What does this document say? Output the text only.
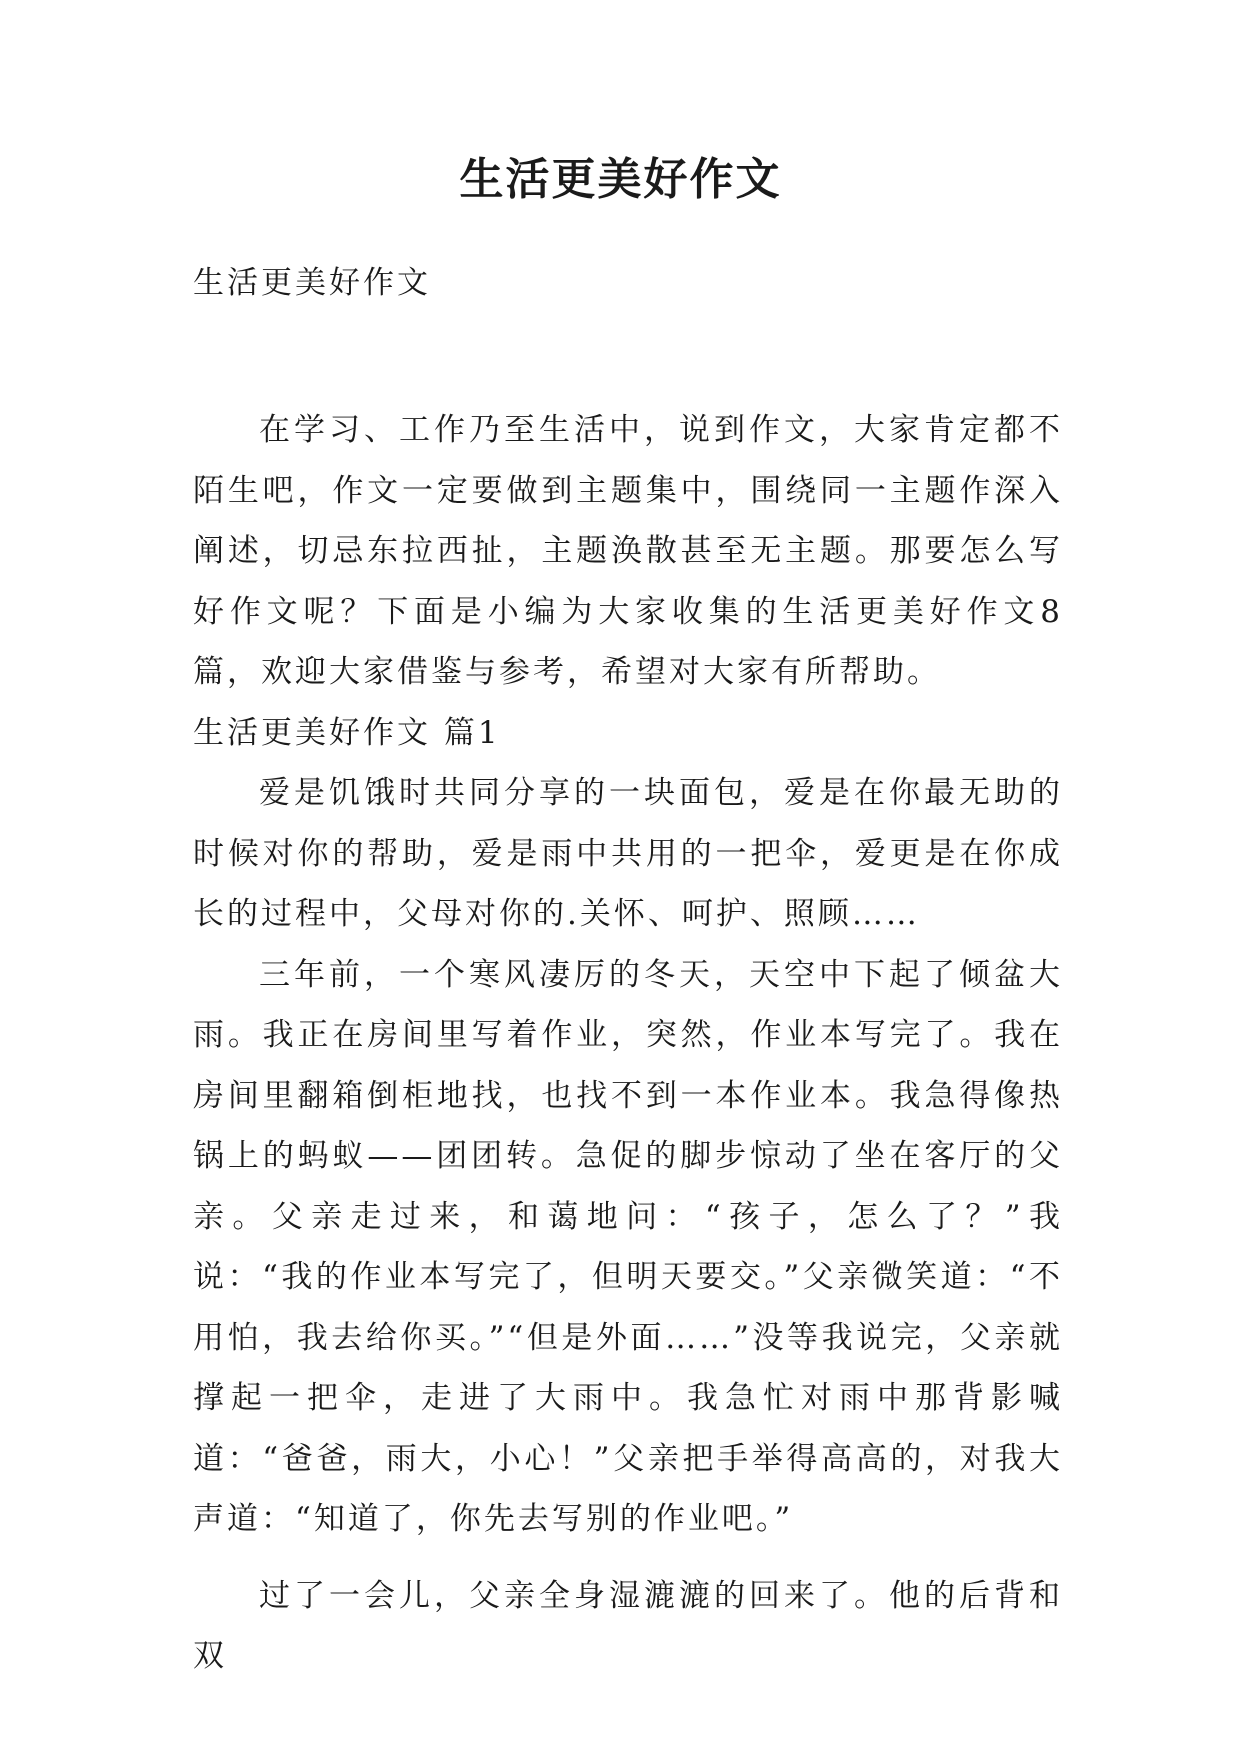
生活更美好作文

生活更美好作文

在学习、工作乃至生活中，说到作文，大家肯定都不陌生吧，作文一定要做到主题集中，围绕同一主题作深入阐述，切忌东拉西扯，主题涣散甚至无主题。那要怎么写好作文呢？下面是小编为大家收集的生活更美好作文8篇，欢迎大家借鉴与参考，希望对大家有所帮助。

生活更美好作文 篇1

爱是饥饿时共同分享的一块面包，爱是在你最无助的时候对你的帮助，爱是雨中共用的一把伞，爱更是在你成长的过程中，父母对你的.关怀、呵护、照顾……

三年前，一个寒风凄厉的冬天，天空中下起了倾盆大雨。我正在房间里写着作业，突然，作业本写完了。我在房间里翻箱倒柜地找，也找不到一本作业本。我急得像热锅上的蚂蚁——团团转。急促的脚步惊动了坐在客厅的父亲。父亲走过来，和蔼地问：“孩子，怎么了？”我说：“我的作业本写完了，但明天要交。”父亲微笑道：“不用怕，我去给你买。”“但是外面……”没等我说完，父亲就撑起一把伞，走进了大雨中。我急忙对雨中那背影喊道：“爸爸，雨大，小心！”父亲把手举得高高的，对我大声道：“知道了，你先去写别的作业吧。”

过了一会儿，父亲全身湿漉漉的回来了。他的后背和双
